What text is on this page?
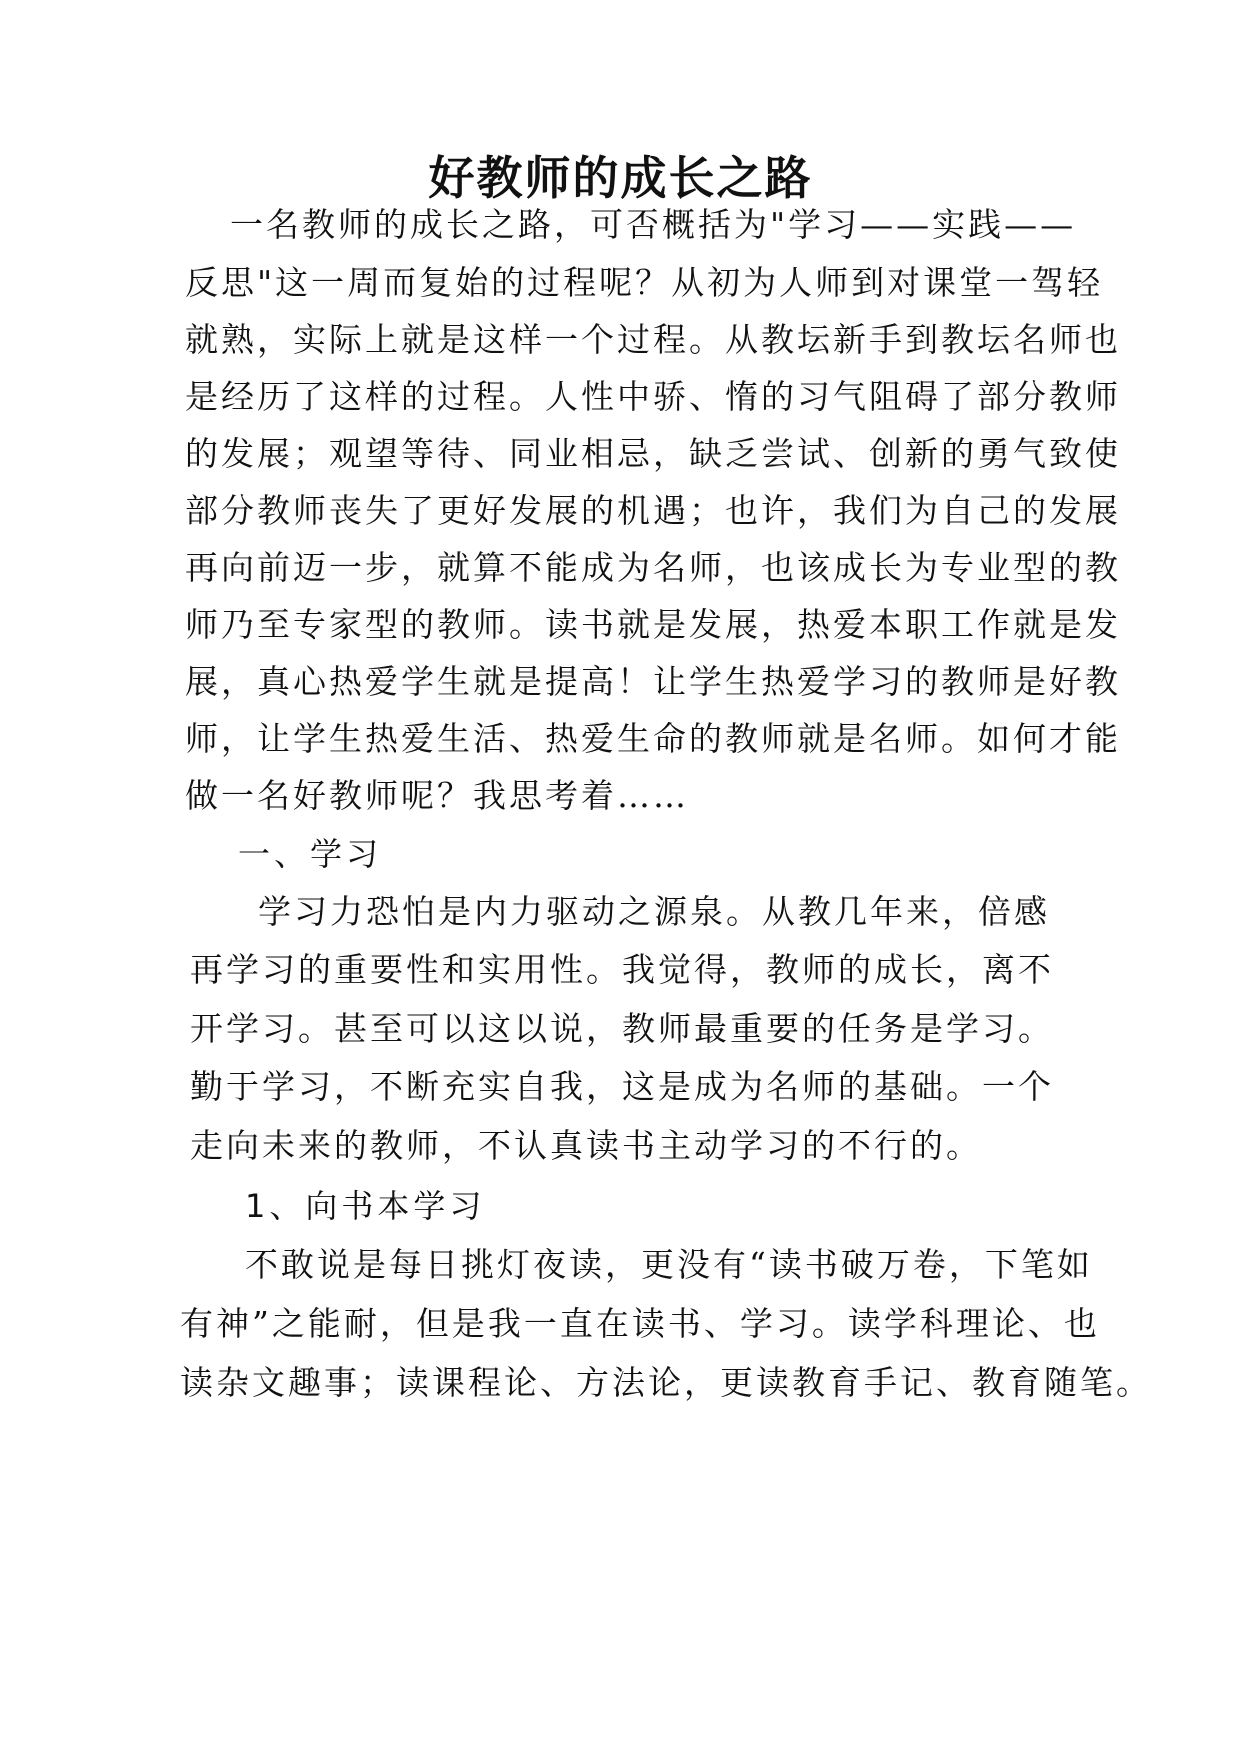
好教师的成长之路

一名教师的成长之路，可否概括为"学习——实践——

反思"这一周而复始的过程呢？从初为人师到对课堂一驾轻

就熟，实际上就是这样一个过程。从教坛新手到教坛名师也

是经历了这样的过程。人性中骄、惰的习气阻碍了部分教师

的发展；观望等待、同业相忌，缺乏尝试、创新的勇气致使

部分教师丧失了更好发展的机遇；也许，我们为自己的发展

再向前迈一步，就算不能成为名师，也该成长为专业型的教

师乃至专家型的教师。读书就是发展，热爱本职工作就是发

展，真心热爱学生就是提高！让学生热爱学习的教师是好教

师，让学生热爱生活、热爱生命的教师就是名师。如何才能

做一名好教师呢？我思考着……

一、学习

学习力恐怕是内力驱动之源泉。从教几年来，倍感

再学习的重要性和实用性。我觉得，教师的成长，离不

开学习。甚至可以这以说，教师最重要的任务是学习。

勤于学习，不断充实自我，这是成为名师的基础。一个

走向未来的教师，不认真读书主动学习的不行的。

1、向书本学习

不敢说是每日挑灯夜读，更没有“读书破万卷，下笔如

有神”之能耐，但是我一直在读书、学习。读学科理论、也

读杂文趣事；读课程论、方法论，更读教育手记、教育随笔。
